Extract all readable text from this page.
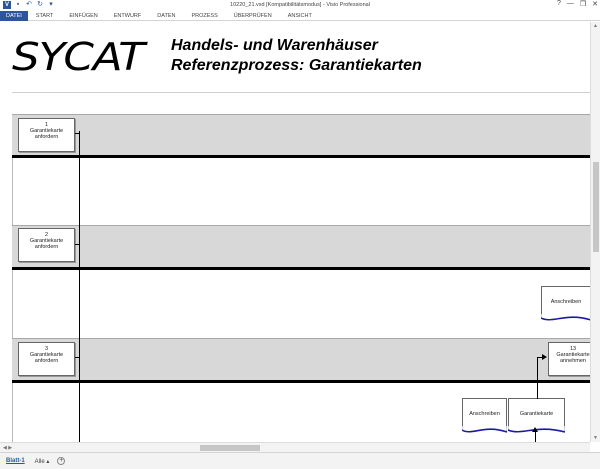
V	▪ ↶ ↻ ▾	10220_21.vsd [Kompatibilitätsmodus] - Visio Professional	? — ❐ ✕
DATEI	START	EINFÜGEN	ENTWURF	DATEN	PROZESS	ÜBERPRÜFEN	ANSICHT
SYCAT Handels- und Warenhäuser
Referenzprozess: Garantiekarten
1
Garantiekarte anfordern
2
Garantiekarte anfordern
3
Garantiekarte anfordern
13
Garantiekarte annehmen
Anschreiben
Anschreiben	Garantiekarte
▲
▼
◀ ▶
Blatt-1	Alle ▴	+
